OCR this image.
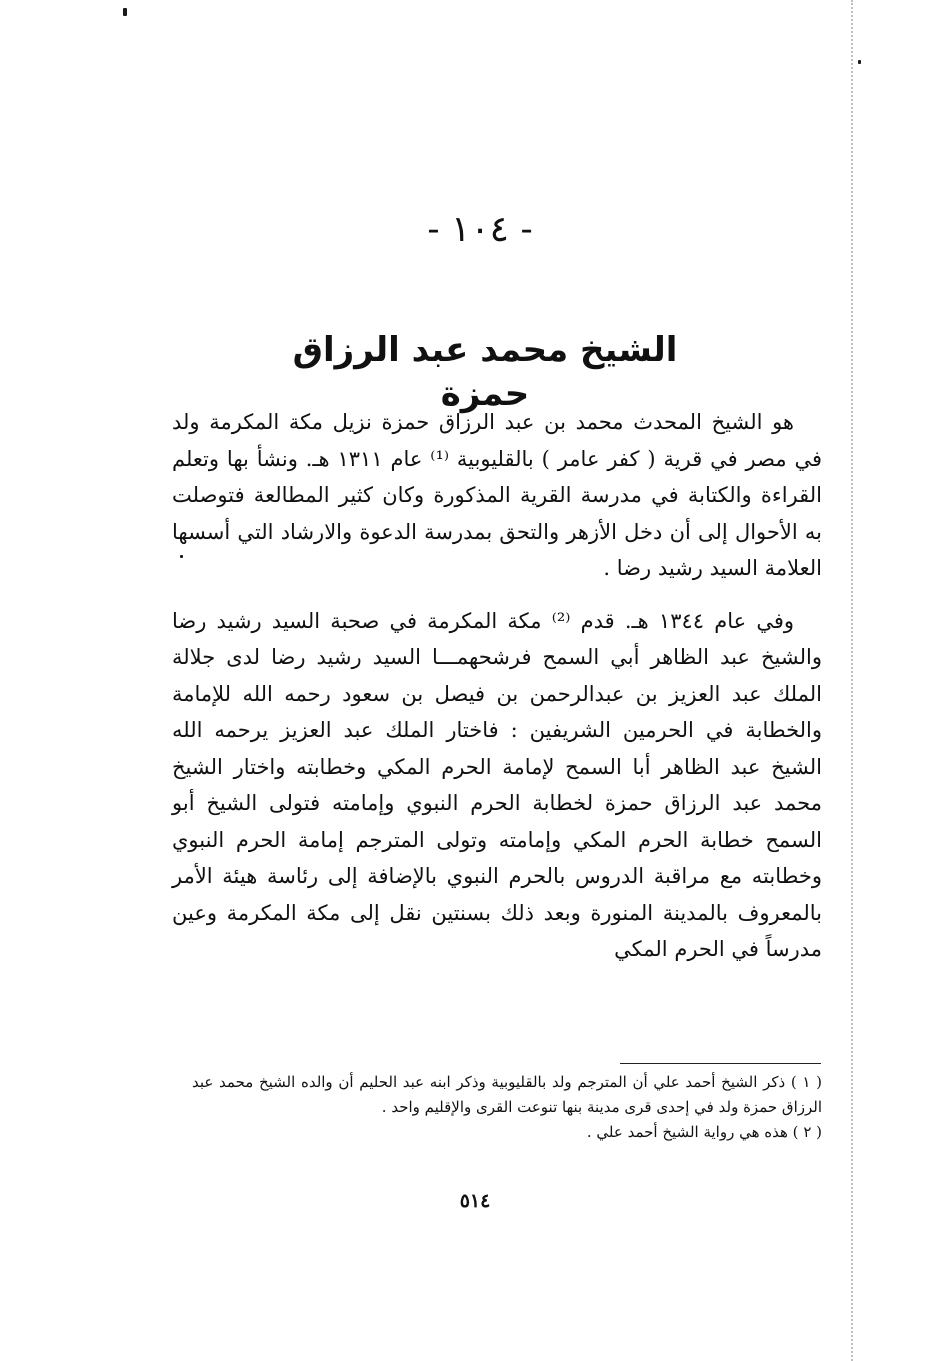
- ١٠٤ -
الشيخ محمد عبد الرزاق حمزة

هو الشيخ المحدث محمد بن عبد الرزاق حمزة نزيل مكة المكرمة ولد في مصر في قرية ( كفر عامر ) بالقليوبية ⁽¹⁾ عام ١٣١١ هـ. ونشأ بها وتعلم القراءة والكتابة في مدرسة القرية المذكورة وكان كثير المطالعة فتوصلت به الأحوال إلى أن دخل الأزهر والتحق بمدرسة الدعوة والارشاد التي أسسها العلامة السيد رشيد رضا .

وفي عام ١٣٤٤ هـ. قدم ⁽²⁾ مكة المكرمة في صحبة السيد رشيد رضا والشيخ عبد الظاهر أبي السمح فرشحهمـــا السيد رشيد رضا لدى جلالة الملك عبد العزيز بن عبدالرحمن بن فيصل بن سعود رحمه الله للإمامة والخطابة في الحرمين الشريفين : فاختار الملك عبد العزيز يرحمه الله الشيخ عبد الظاهر أبا السمح لإمامة الحرم المكي وخطابته واختار الشيخ محمد عبد الرزاق حمزة لخطابة الحرم النبوي وإمامته فتولى الشيخ أبو السمح خطابة الحرم المكي وإمامته وتولى المترجم إمامة الحرم النبوي وخطابته مع مراقبة الدروس بالحرم النبوي بالإضافة إلى رئاسة هيئة الأمر بالمعروف بالمدينة المنورة وبعد ذلك بسنتين نقل إلى مكة المكرمة وعين مدرساً في الحرم المكي

( ١ ) ذكر الشيخ أحمد علي أن المترجم ولد بالقليوبية وذكر ابنه عبد الحليم أن والده الشيخ محمد عبد الرزاق حمزة ولد في إحدى قرى مدينة بنها تنوعت القرى والإقليم واحد .

( ٢ ) هذه هي رواية الشيخ أحمد علي .

٥١٤
